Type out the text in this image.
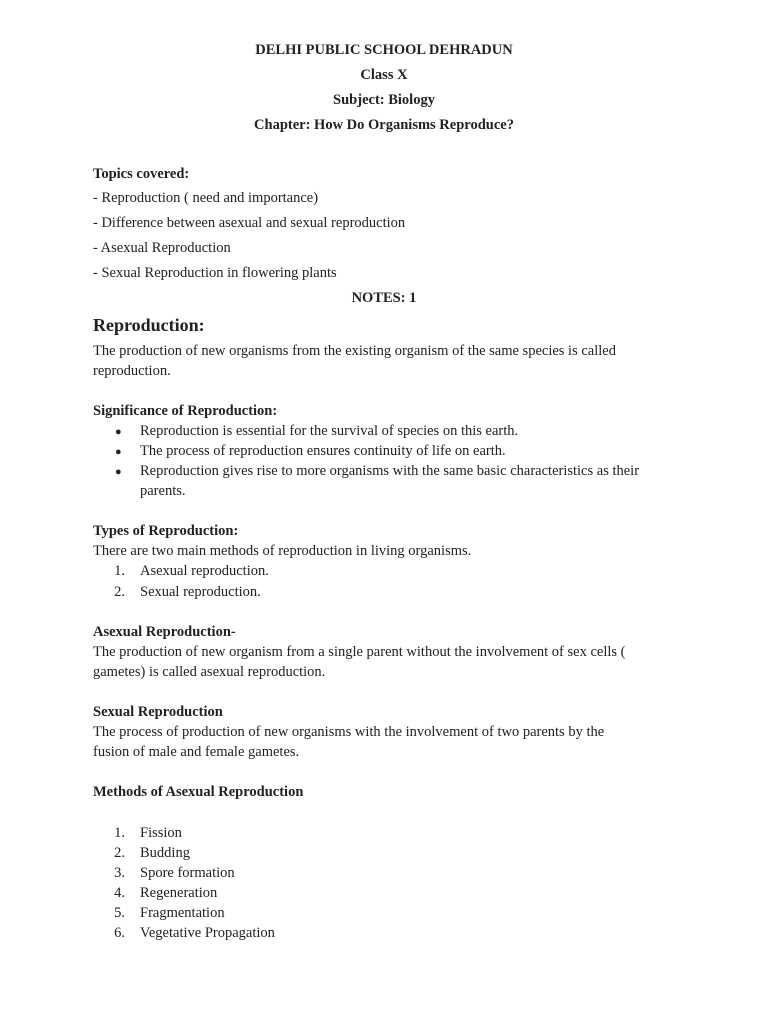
DELHI PUBLIC SCHOOL DEHRADUN
Class X
Subject: Biology
Chapter: How Do Organisms Reproduce?
Topics covered:
- Reproduction ( need and importance)
- Difference between asexual and sexual reproduction
- Asexual Reproduction
- Sexual Reproduction in flowering plants
NOTES: 1
Reproduction:
The production of new organisms from the existing organism of the same species is called
reproduction.
Significance of Reproduction:
● Reproduction is essential for the survival of species on this earth.
● The process of reproduction ensures continuity of life on earth.
● Reproduction gives rise to more organisms with the same basic characteristics as their
parents.
Types of Reproduction:
There are two main methods of reproduction in living organisms.
1. Asexual reproduction.
2. Sexual reproduction.
Asexual Reproduction-
The production of new organism from a single parent without the involvement of sex cells (
gametes) is called asexual reproduction.
Sexual Reproduction
The process of production of new organisms with the involvement of two parents by the
fusion of male and female gametes.
Methods of Asexual Reproduction
1. Fission
2. Budding
3. Spore formation
4. Regeneration
5. Fragmentation
6. Vegetative Propagation
